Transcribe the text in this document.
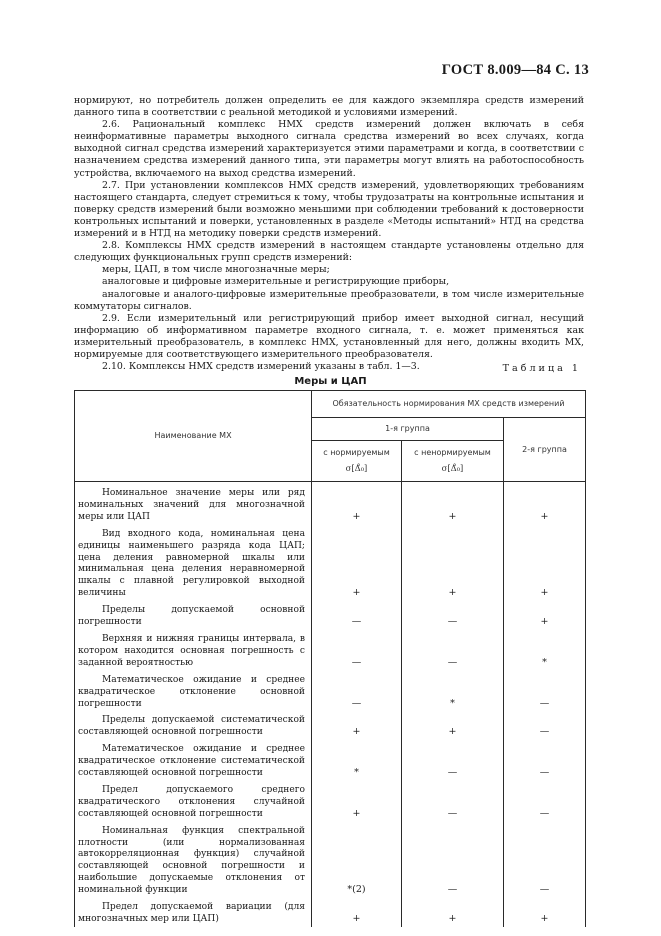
ГОСТ 8.009—84 С. 13

нормируют, но потребитель должен определить ее для каждого экземпляра средств измерений данного типа в соответствии с реальной методикой и условиями измерений.

2.6. Рациональный комплекс НМХ средств измерений должен включать в себя неинформативные параметры выходного сигнала средства измерений во всех случаях, когда выходной сигнал средства измерений характеризуется этими параметрами и когда, в соответствии с назначением средства измерений данного типа, эти параметры могут влиять на работоспособность устройства, включаемого на выход средства измерений.

2.7. При установлении комплексов НМХ средств измерений, удовлетворяющих требованиям настоящего стандарта, следует стремиться к тому, чтобы трудозатраты на контрольные испытания и поверку средств измерений были возможно меньшими при соблюдении требований к достоверности контрольных испытаний и поверки, установленных в разделе «Методы испытаний» НТД на средства измерений и в НТД на методику поверки средств измерений.

2.8. Комплексы НМХ средств измерений в настоящем стандарте установлены отдельно для следующих функциональных групп средств измерений:

меры, ЦАП, в том числе многозначные меры;

аналоговые и цифровые измерительные и регистрирующие приборы,

аналоговые и аналого-цифровые измерительные преобразователи, в том числе измерительные коммутаторы сигналов.

2.9. Если измерительный или регистрирующий прибор имеет выходной сигнал, несущий информацию об информативном параметре входного сигнала, т. е. может применяться как измерительный преобразователь, в комплекс НМХ, установленный для него, должны входить МХ, нормируемые для соответствующего измерительного преобразователя.

2.10. Комплексы НМХ средств измерений указаны в табл. 1—3.	Таблица 1
Меры и ЦАП
Наименование МХ	Обязательность нормирования МХ средств измерений		
	1-я группа		2-я группа
	с нормируемым
σ[Δ̊₀]	с ненормируемым
σ[Δ̊₀]	

Номинальное значение меры или ряд номинальных значений для многозначной меры или ЦАП	+	+	+
Вид входного кода, номинальная цена единицы наименьшего разряда кода ЦАП; цена деления равномерной шкалы или минимальная цена деления неравномерной шкалы с плавной регулировкой выходной величины	+	+	+
Пределы допускаемой основной погрешности	—	—	+
Верхняя и нижняя границы интервала, в котором находится основная погрешность с заданной вероятностью	—	—	*
Математическое ожидание и среднее квадратическое отклонение основной погрешности	—	*	—
Пределы допускаемой систематической составляющей основной погрешности	+	+	—
Математическое ожидание и среднее квадратическое отклонение систематической составляющей основной погрешности	*	—	—
Предел допускаемого среднего квадратического отклонения случайной составляющей основной погрешности	+	—	—
Номинальная функция спектральной плотности (или нормализованная автокорреляционная функция) случайной составляющей основной погрешности и наибольшие допускаемые отклонения от номинальной функции	*(2)	—	—
Предел допускаемой вариации (для многозначных мер или ЦАП)	+	+	+
